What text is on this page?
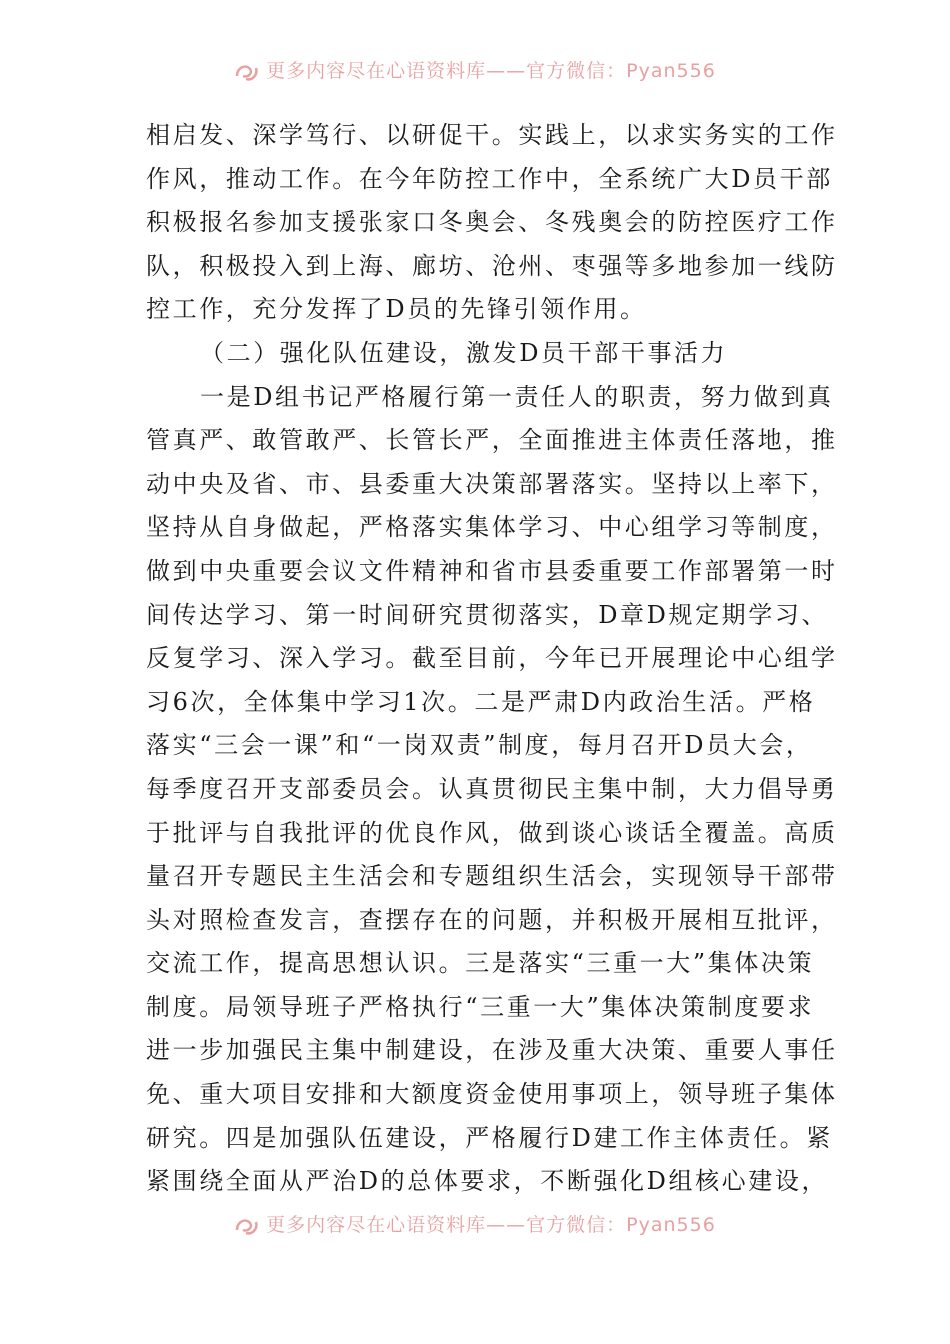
更多内容尽在心语资料库——官方微信：Pyan556
相启发、深学笃行、以研促干。实践上，以求实务实的工作
作风，推动工作。在今年防控工作中，全系统广大D员干部
积极报名参加支援张家口冬奥会、冬残奥会的防控医疗工作
队，积极投入到上海、廊坊、沧州、枣强等多地参加一线防
控工作，充分发挥了D员的先锋引领作用。
（二）强化队伍建设，激发D员干部干事活力
一是D组书记严格履行第一责任人的职责，努力做到真
管真严、敢管敢严、长管长严，全面推进主体责任落地，推
动中央及省、市、县委重大决策部署落实。坚持以上率下，
坚持从自身做起，严格落实集体学习、中心组学习等制度，
做到中央重要会议文件精神和省市县委重要工作部署第一时
间传达学习、第一时间研究贯彻落实，D章D规定期学习、
反复学习、深入学习。截至目前，今年已开展理论中心组学
习6次，全体集中学习1次。二是严肃D内政治生活。严格
落实“三会一课”和“一岗双责”制度，每月召开D员大会，
每季度召开支部委员会。认真贯彻民主集中制，大力倡导勇
于批评与自我批评的优良作风，做到谈心谈话全覆盖。高质
量召开专题民主生活会和专题组织生活会，实现领导干部带
头对照检查发言，查摆存在的问题，并积极开展相互批评，
交流工作，提高思想认识。三是落实“三重一大”集体决策
制度。局领导班子严格执行“三重一大”集体决策制度要求
进一步加强民主集中制建设，在涉及重大决策、重要人事任
免、重大项目安排和大额度资金使用事项上，领导班子集体
研究。四是加强队伍建设，严格履行D建工作主体责任。紧
紧围绕全面从严治D的总体要求，不断强化D组核心建设，
更多内容尽在心语资料库——官方微信：Pyan556
